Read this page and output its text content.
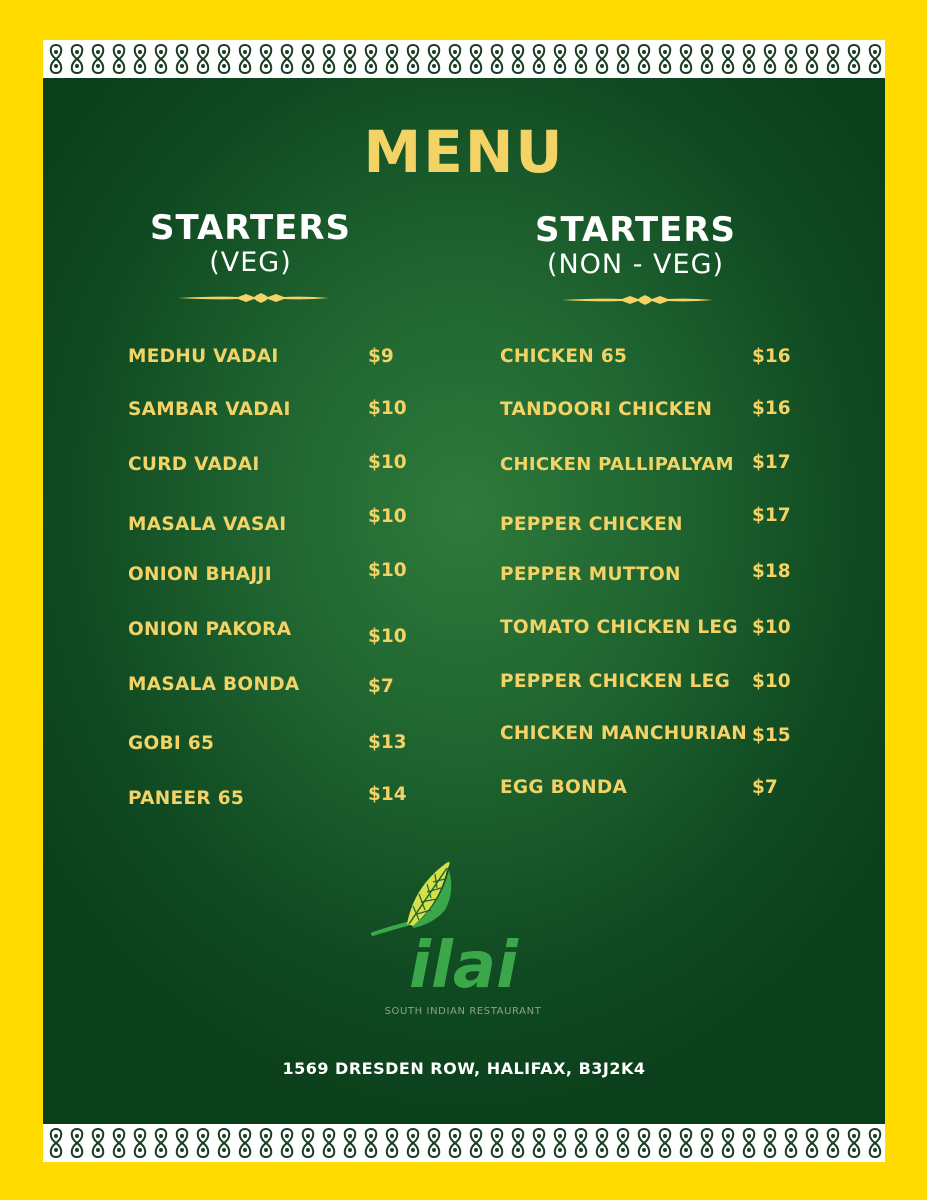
MENU
STARTERS
(VEG)
STARTERS
(NON - VEG)
MEDHU VADAI	$9
SAMBAR VADAI	$10
CURD VADAI	$10
MASALA VASAI	$10
ONION BHAJJI	$10
ONION PAKORA	$10
MASALA BONDA	$7
GOBI 65	$13
PANEER 65	$14
CHICKEN 65	$16
TANDOORI CHICKEN $16
CHICKEN PALLIPALYAM $17
PEPPER CHICKEN	$17
PEPPER MUTTON	$18
TOMATO CHICKEN LEG $10
PEPPER CHICKEN LEG $10
CHICKEN MANCHURIAN $15
EGG BONDA	$7
ilai
SOUTH INDIAN RESTAURANT
1569 DRESDEN ROW, HALIFAX, B3J2K4
